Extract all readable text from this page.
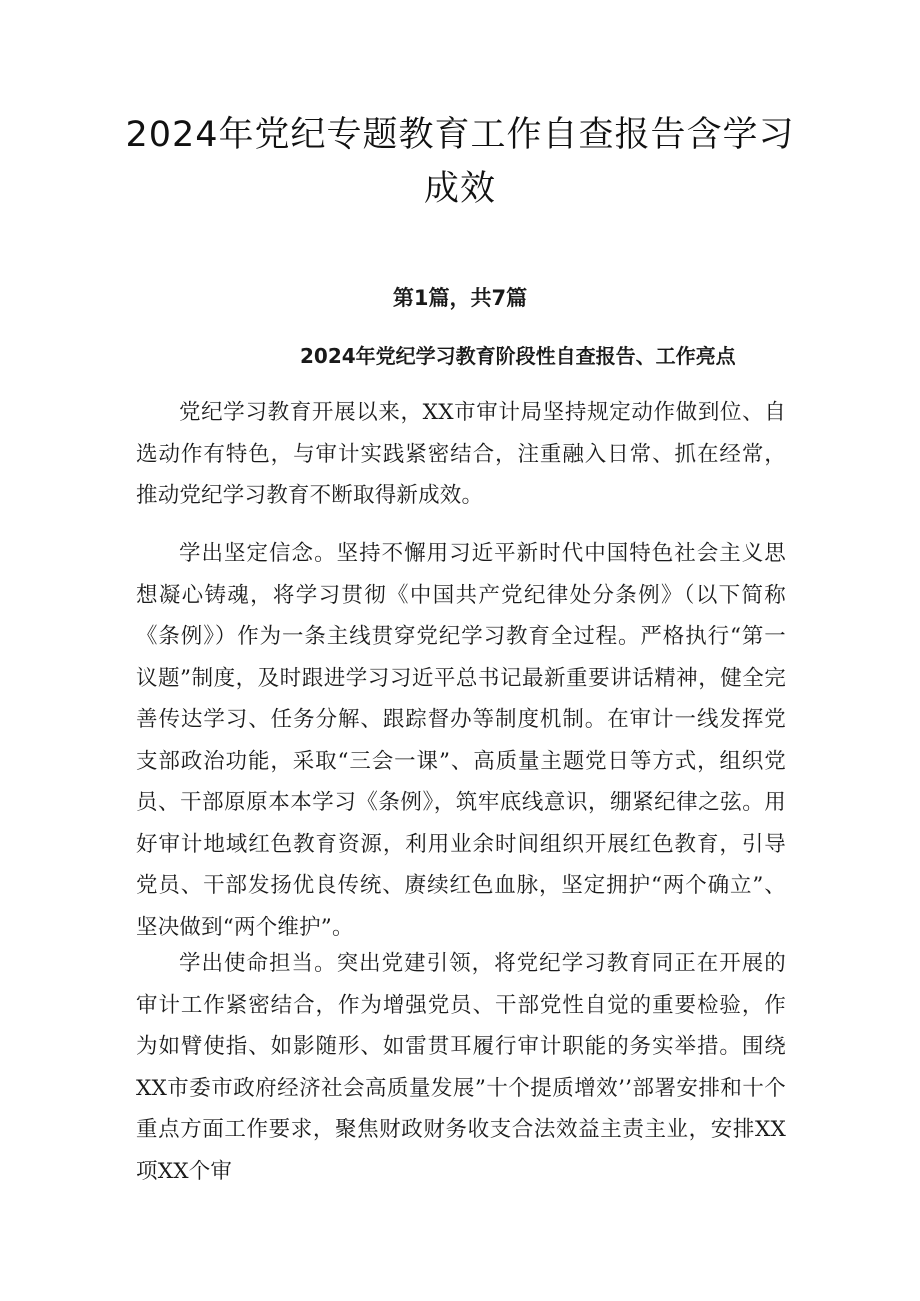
2024年党纪专题教育工作自查报告含学习
成效

第1篇，共7篇

2024年党纪学习教育阶段性自查报告、工作亮点

党纪学习教育开展以来，XX市审计局坚持规定动作做到位、自选动作有特色，与审计实践紧密结合，注重融入日常、抓在经常，推动党纪学习教育不断取得新成效。

学出坚定信念。坚持不懈用习近平新时代中国特色社会主义思想凝心铸魂，将学习贯彻《中国共产党纪律处分条例》（以下简称《条例》）作为一条主线贯穿党纪学习教育全过程。严格执行“第一议题”制度，及时跟进学习习近平总书记最新重要讲话精神，健全完善传达学习、任务分解、跟踪督办等制度机制。在审计一线发挥党支部政治功能，采取“三会一课”、高质量主题党日等方式，组织党员、干部原原本本学习《条例》，筑牢底线意识，绷紧纪律之弦。用好审计地域红色教育资源，利用业余时间组织开展红色教育，引导党员、干部发扬优良传统、赓续红色血脉，坚定拥护“两个确立”、坚决做到“两个维护”。

学出使命担当。突出党建引领，将党纪学习教育同正在开展的审计工作紧密结合，作为增强党员、干部党性自觉的重要检验，作为如臂使指、如影随形、如雷贯耳履行审计职能的务实举措。围绕XX市委市政府经济社会高质量发展”十个提质增效’’部署安排和十个重点方面工作要求，聚焦财政财务收支合法效益主责主业，安排XX项XX个审
